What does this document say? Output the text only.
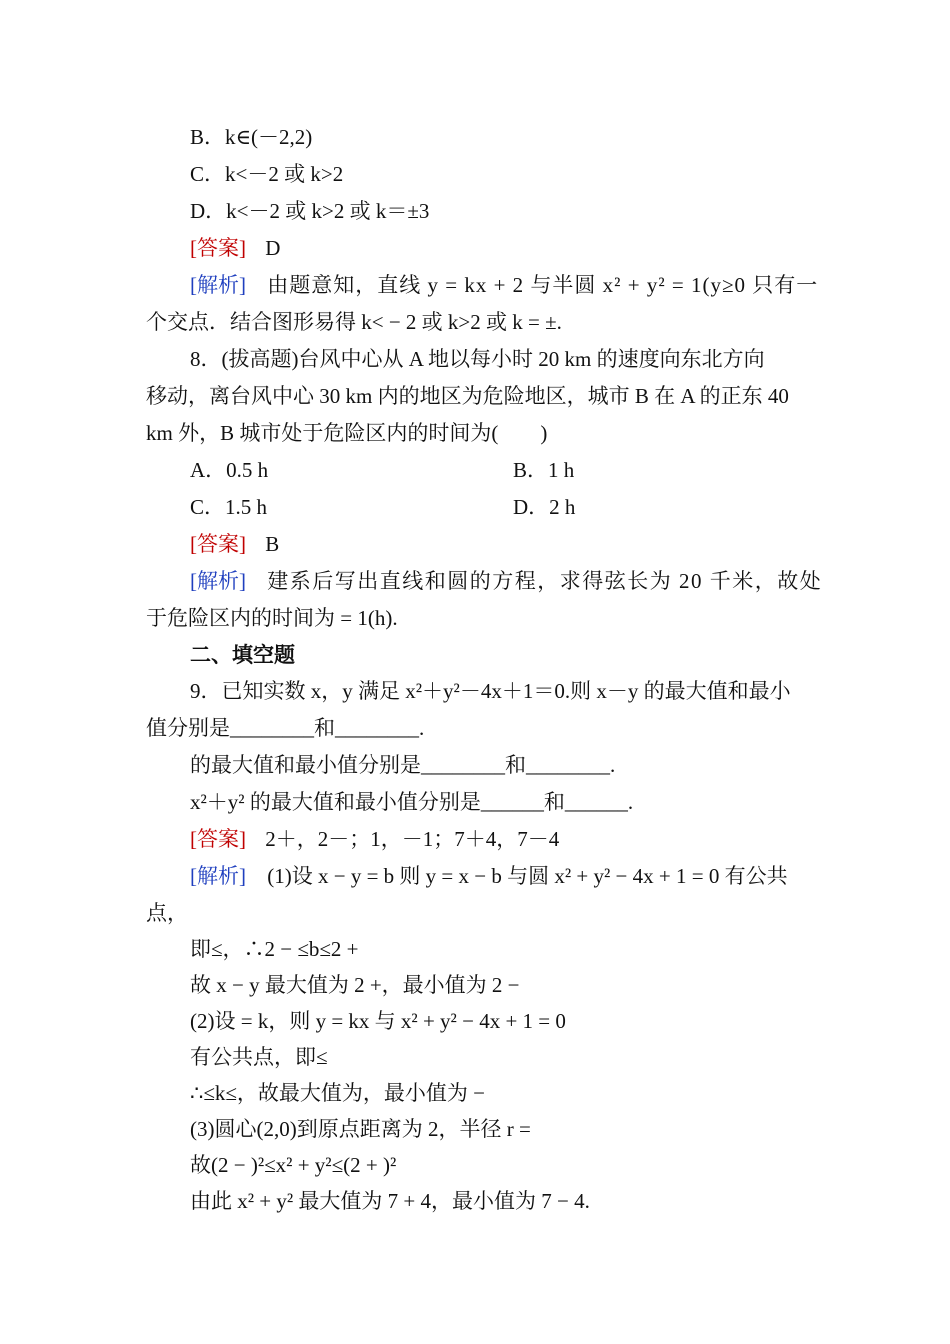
B．k∈(－2,2)
C．k<－2 或 k>2
D．k<－2 或 k>2 或 k＝±3
[答案] D
[解析] 由题意知，直线 y = kx + 2 与半圆 x² + y² = 1(y≥0 只有一
个交点．结合图形易得 k< − 2 或 k>2 或 k = ±.
8．(拔高题)台风中心从 A 地以每小时 20 km 的速度向东北方向
移动，离台风中心 30 km 内的地区为危险地区，城市 B 在 A 的正东 40
km 外，B 城市处于危险区内的时间为(　　)
A．0.5 h	B．1 h
C．1.5 h	D．2 h
[答案] B
[解析] 建系后写出直线和圆的方程，求得弦长为 20 千米，故处
于危险区内的时间为 = 1(h).
二、填空题
9．已知实数 x，y 满足 x²＋y²－4x＋1＝0.则 x－y 的最大值和最小
值分别是________和________.
的最大值和最小值分别是________和________.
x²＋y² 的最大值和最小值分别是______和______.
[答案] 2＋，2－；1，－1；7＋4，7－4
[解析] (1)设 x − y = b 则 y = x − b 与圆 x² + y² − 4x + 1 = 0 有公共
点，
即≤，∴2 − ≤b≤2 +
故 x − y 最大值为 2 +，最小值为 2 −
(2)设 = k，则 y = kx 与 x² + y² − 4x + 1 = 0
有公共点，即≤
∴≤k≤，故最大值为，最小值为 −
(3)圆心(2,0)到原点距离为 2，半径 r =
故(2 − )²≤x² + y²≤(2 + )²
由此 x² + y² 最大值为 7 + 4，最小值为 7 − 4.
